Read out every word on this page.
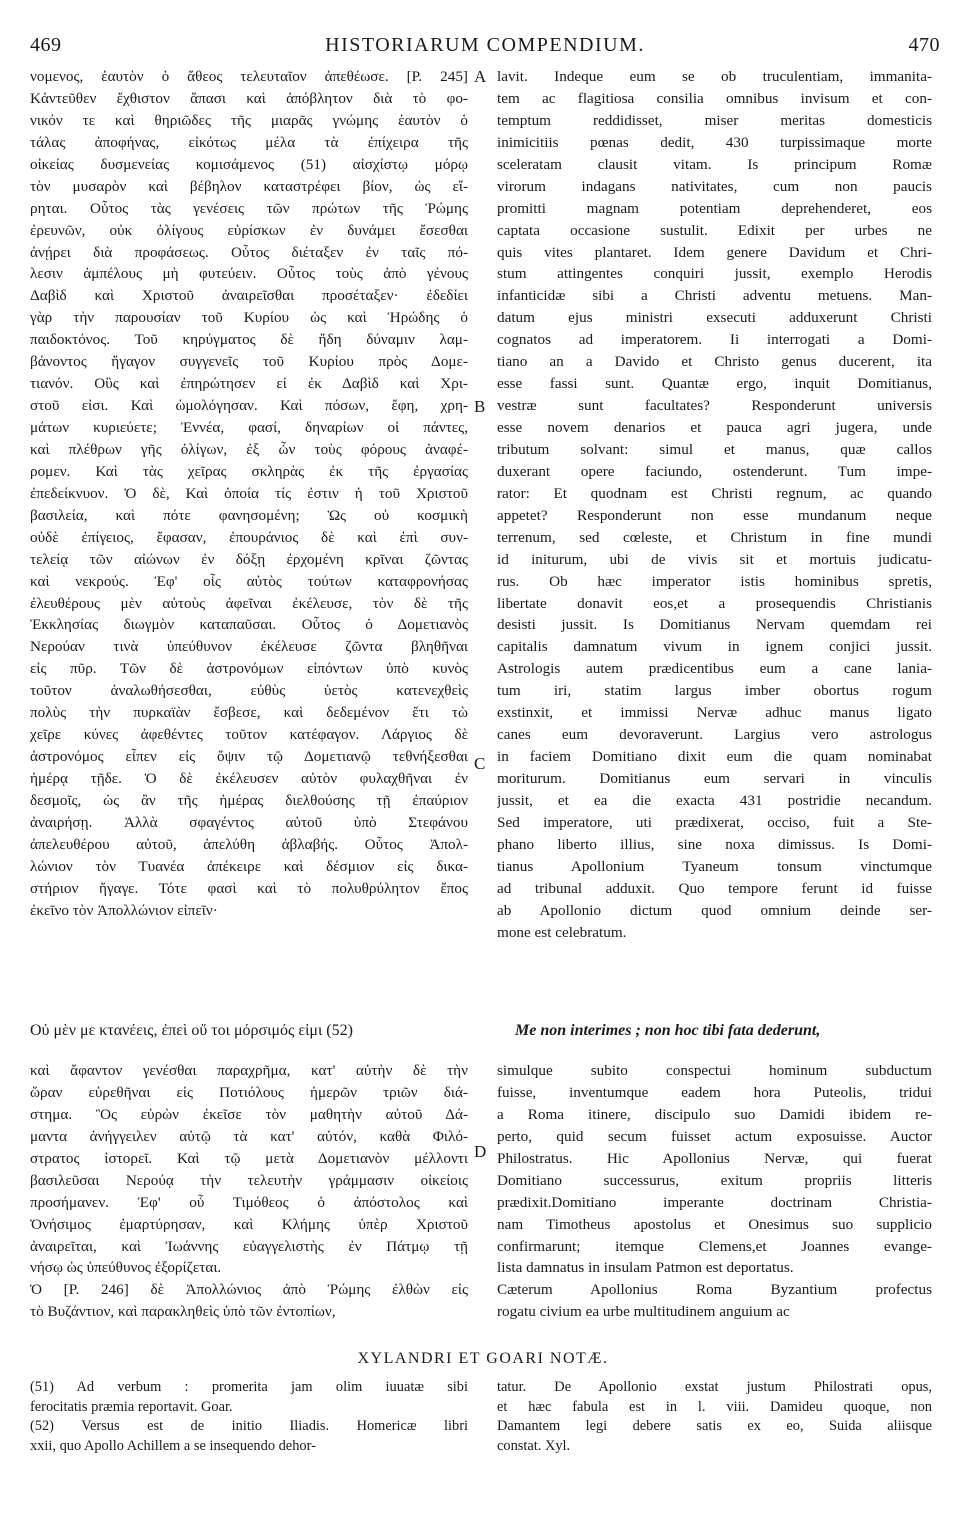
469	HISTORIARUM COMPENDIUM.	470
νομενος, ἑαυτὸν ὁ ἄθεος τελευταῖον ἀπεθέωσε. [P. 245]
Κἀντεῦθεν ἔχθιστον ἅπασι καὶ ἀπόβλητον διὰ τὸ φο-
νικόν τε καὶ θηριῶδες τῆς μιαρᾶς γνώμης ἑαυτὸν ὁ
τάλας ἀποφήνας, εἰκότως μέλα τὰ ἐπίχειρα τῆς
οἰκείας δυσμενείας κομισάμενος (51) αἰσχίστῳ μόρῳ
τὸν μυσαρὸν καὶ βέβηλον καταστρέφει βίον, ὡς εἴ-
ρηται. Οὗτος τὰς γενέσεις τῶν πρώτων τῆς Ῥώμης
ἐρευνῶν, οὐκ ὀλίγους εὑρίσκων ἐν δυνάμει ἔσεσθαι
ἀνῄρει διὰ προφάσεως. Οὗτος διέταξεν ἐν ταῖς πό-
λεσιν ἀμπέλους μὴ φυτεύειν. Οὗτος τοὺς ἀπὸ γένους
Δαβὶδ καὶ Χριστοῦ ἀναιρεῖσθαι προσέταξεν· ἐδεδίει
γὰρ τὴν παρουσίαν τοῦ Κυρίου ὡς καὶ Ἡρώδης ὁ
παιδοκτόνος. Τοῦ κηρύγματος δὲ ἤδη δύναμιν λαμ-
βάνοντος ἤγαγον συγγενεῖς τοῦ Κυρίου πρὸς Δομε-
τιανόν. Οὓς καὶ ἐπηρώτησεν εἰ ἐκ Δαβὶδ καὶ Χρι-
στοῦ εἰσι. Καὶ ὡμολόγησαν. Καὶ πόσων, ἔφη, χρη-
μάτων κυριεύετε; Ἐννέα, φασί, δηναρίων οἱ πάντες,
καὶ πλέθρων γῆς ὀλίγων, ἐξ ὧν τοὺς φόρους ἀναφέ-
ρομεν. Καὶ τὰς χεῖρας σκληρὰς ἐκ τῆς ἐργασίας
ἐπεδείκνυον. Ὁ δὲ, Καὶ ὁποία τίς ἐστιν ἡ τοῦ Χριστοῦ
βασιλεία, καὶ πότε φανησομένη; Ὡς οὐ κοσμικὴ
οὐδὲ ἐπίγειος, ἔφασαν, ἐπουράνιος δὲ καὶ ἐπὶ συν-
τελείᾳ τῶν αἰώνων ἐν δόξῃ ἐρχομένη κρῖναι ζῶντας
καὶ νεκρούς. Ἐφ' οἷς αὐτὸς τούτων καταφρονήσας
ἐλευθέρους μὲν αὐτοὺς ἀφεῖναι ἐκέλευσε, τὸν δὲ τῆς
Ἐκκλησίας διωγμὸν καταπαῦσαι. Οὗτος ὁ Δομετιανὸς
Νερούαν τινὰ ὑπεύθυνον ἐκέλευσε ζῶντα βληθῆναι
εἰς πῦρ. Τῶν δὲ ἀστρονόμων εἰπόντων ὑπὸ κυνὸς
τοῦτον ἀναλωθήσεσθαι, εὐθὺς ὑετὸς κατενεχθεὶς
πολὺς τὴν πυρκαϊὰν ἔσβεσε, καὶ δεδεμένον ἔτι τὼ
χεῖρε κύνες ἀφεθέντες τοῦτον κατέφαγον. Λάργιος δὲ
ἀστρονόμος εἶπεν εἰς ὄψιν τῷ Δομετιανῷ τεθνήξεσθαι
ἡμέρᾳ τῇδε. Ὁ δὲ ἐκέλευσεν αὐτὸν φυλαχθῆναι ἐν
δεσμοῖς, ὡς ἂν τῆς ἡμέρας διελθούσης τῇ ἐπαύριον
ἀναιρήσῃ. Ἀλλὰ σφαγέντος αὐτοῦ ὑπὸ Στεφάνου
ἀπελευθέρου αὐτοῦ, ἀπελύθη ἀβλαβής. Οὗτος Ἀπολ-
λώνιον τὸν Τυανέα ἀπέκειρε καὶ δέσμιον εἰς δικα-
στήριον ἤγαγε. Τότε φασὶ καὶ τὸ πολυθρύλητον ἔπος
ἐκεῖνο τὸν Ἀπολλώνιον εἰπεῖν·
lavit. Indeque eum se ob truculentiam, immanita-
tem ac flagitiosa consilia omnibus invisum et con-
temptum reddidisset, miser meritas domesticis
inimicitiis pœnas dedit, 430 turpissimaque morte
sceleratam clausit vitam. Is principum Romæ
virorum indagans nativitates, cum non paucis
promitti magnam potentiam deprehenderet, eos
captata occasione sustulit. Edixit per urbes ne
quis vites plantaret. Idem genere Davidum et Chri-
stum attingentes conquiri jussit, exemplo Herodis
infanticidæ sibi a Christi adventu metuens. Man-
datum ejus ministri exsecuti adduxerunt Christi
cognatos ad imperatorem. Ii interrogati a Domi-
tiano an a Davido et Christo genus ducerent, ita
esse fassi sunt. Quantæ ergo, inquit Domitianus,
vestræ sunt facultates? Responderunt universis
esse novem denarios et pauca agri jugera, unde
tributum solvant: simul et manus, quæ callos
duxerant opere faciundo, ostenderunt. Tum impe-
rator: Et quodnam est Christi regnum, ac quando
appetet? Responderunt non esse mundanum neque
terrenum, sed cœleste, et Christum in fine mundi
id initurum, ubi de vivis sit et mortuis judicatu-
rus. Ob hæc imperator istis hominibus spretis,
libertate donavit eos,et a prosequendis Christianis
desisti jussit. Is Domitianus Nervam quemdam rei
capitalis damnatum vivum in ignem conjici jussit.
Astrologis autem prædicentibus eum a cane lania-
tum iri, statim largus imber obortus rogum
exstinxit, et immissi Nervæ adhuc manus ligato
canes eum devoraverunt. Largius vero astrologus
in faciem Domitiano dixit eum die quam nominabat
moriturum. Domitianus eum servari in vinculis
jussit, et ea die exacta 431 postridie necandum.
Sed imperatore, uti prædixerat, occiso, fuit a Ste-
phano liberto illius, sine noxa dimissus. Is Domi-
tianus Apollonium Tyaneum tonsum vinctumque
ad tribunal adduxit. Quo tempore ferunt id fuisse
ab Apollonio dictum quod omnium deinde ser-
mone est celebratum.
A
B
C
D
Οὐ μὲν με κτανέεις, ἐπεὶ οὔ τοι μόρσιμός εἰμι (52)	Me non interimes ; non hoc tibi fata dederunt,
καὶ ἄφαντον γενέσθαι παραχρῆμα, κατ' αὐτὴν δὲ τὴν
ὥραν εὑρεθῆναι εἰς Ποτιόλους ἡμερῶν τριῶν διά-
στημα. Ὃς εὑρὼν ἐκεῖσε τὸν μαθητὴν αὐτοῦ Δά-
μαντα ἀνήγγειλεν αὐτῷ τὰ κατ' αὐτόν, καθὰ Φιλό-
στρατος ἱστορεῖ. Καὶ τῷ μετὰ Δομετιανὸν μέλλοντι
βασιλεῦσαι Νερούᾳ τὴν τελευτὴν γράμμασιν οἰκείοις
προσήμανεν. Ἐφ' οὗ Τιμόθεος ὁ ἀπόστολος καὶ
Ὀνήσιμος ἐμαρτύρησαν, καὶ Κλήμης ὑπὲρ Χριστοῦ
ἀναιρεῖται, καὶ Ἰωάννης εὐαγγελιστὴς ἐν Πάτμῳ τῇ
νήσῳ ὡς ὑπεύθυνος ἐξορίζεται.
Ὁ [P. 246] δὲ Ἀπολλώνιος ἀπὸ Ῥώμης ἐλθὼν εἰς
τὸ Βυζάντιον, καὶ παρακληθεὶς ὑπὸ τῶν ἐντοπίων,
simulque subito conspectui hominum subductum
fuisse, inventumque eadem hora Puteolis, tridui
a Roma itinere, discipulo suo Damidi ibidem re-
perto, quid secum fuisset actum exposuisse. Auctor
Philostratus. Hic Apollonius Nervæ, qui fuerat
Domitiano successurus, exitum propriis litteris
prædixit.Domitiano imperante doctrinam Christia-
nam Timotheus apostolus et Onesimus suo supplicio
confirmarunt; itemque Clemens,et Joannes evange-
lista damnatus in insulam Patmon est deportatus.
Cæterum Apollonius Roma Byzantium profectus
rogatu civium ea urbe multitudinem anguium ac
XYLANDRI ET GOARI NOTÆ.
(51) Ad verbum : promerita jam olim iuuatæ sibi
ferocitatis præmia reportavit. Goar.
(52) Versus est de initio Iliadis. Homericæ libri
xxii, quo Apollo Achillem a se insequendo dehor-
tatur. De Apollonio exstat justum Philostrati opus,
et hæc fabula est in l. viii. Damideu quoque, non
Damantem legi debere satis ex eo, Suida aliisque
constat. Xyl.
